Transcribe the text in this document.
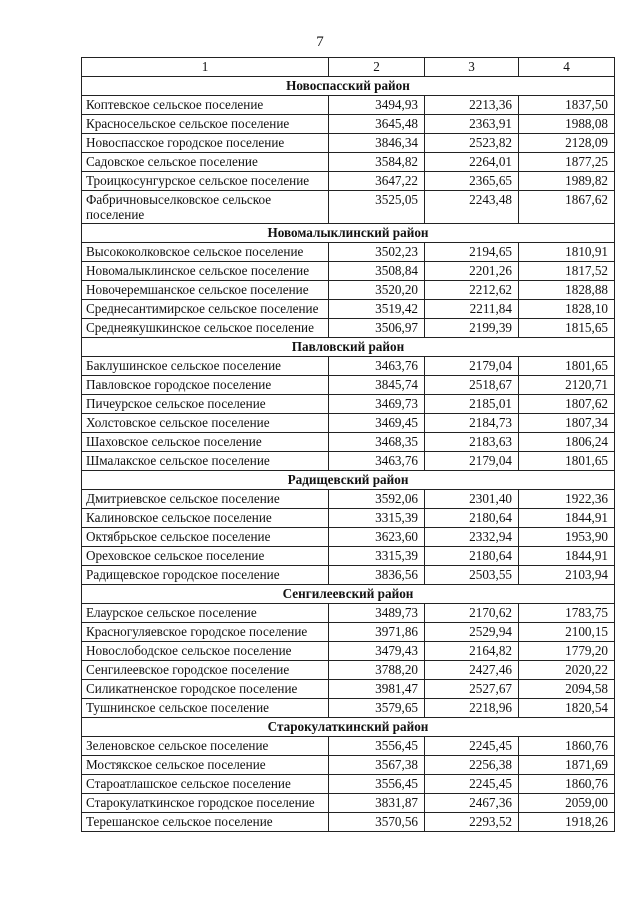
7
1	2	3	4
Новоспасский район			
Коптевское сельское поселение	3494,93	2213,36	1837,50
Красносельское сельское поселение	3645,48	2363,91	1988,08
Новоспасское городское поселение	3846,34	2523,82	2128,09
Садовское сельское поселение	3584,82	2264,01	1877,25
Троицкосунгурское сельское поселение	3647,22	2365,65	1989,82
Фабричновыселковское сельское поселение	3525,05	2243,48	1867,62
Новомалыклинский район			
Высококолковское сельское поселение	3502,23	2194,65	1810,91
Новомалыклинское сельское поселение	3508,84	2201,26	1817,52
Новочеремшанское сельское поселение	3520,20	2212,62	1828,88
Среднесантимирское сельское поселение	3519,42	2211,84	1828,10
Среднеякушкинское сельское поселение	3506,97	2199,39	1815,65
Павловский район			
Баклушинское сельское поселение	3463,76	2179,04	1801,65
Павловское городское поселение	3845,74	2518,67	2120,71
Пичеурское сельское поселение	3469,73	2185,01	1807,62
Холстовское сельское поселение	3469,45	2184,73	1807,34
Шаховское сельское поселение	3468,35	2183,63	1806,24
Шмалакское сельское поселение	3463,76	2179,04	1801,65
Радищевский район			
Дмитриевское сельское поселение	3592,06	2301,40	1922,36
Калиновское сельское поселение	3315,39	2180,64	1844,91
Октябрьское сельское поселение	3623,60	2332,94	1953,90
Ореховское сельское поселение	3315,39	2180,64	1844,91
Радищевское городское поселение	3836,56	2503,55	2103,94
Сенгилеевский район			
Елаурское сельское поселение	3489,73	2170,62	1783,75
Красногуляевское городское поселение	3971,86	2529,94	2100,15
Новослободское сельское поселение	3479,43	2164,82	1779,20
Сенгилеевское городское поселение	3788,20	2427,46	2020,22
Силикатненское городское поселение	3981,47	2527,67	2094,58
Тушнинское сельское поселение	3579,65	2218,96	1820,54
Старокулаткинский район			
Зеленовское сельское поселение	3556,45	2245,45	1860,76
Мостякское сельское поселение	3567,38	2256,38	1871,69
Староатлашское сельское поселение	3556,45	2245,45	1860,76
Старокулаткинское городское поселение	3831,87	2467,36	2059,00
Терешанское сельское поселение	3570,56	2293,52	1918,26
